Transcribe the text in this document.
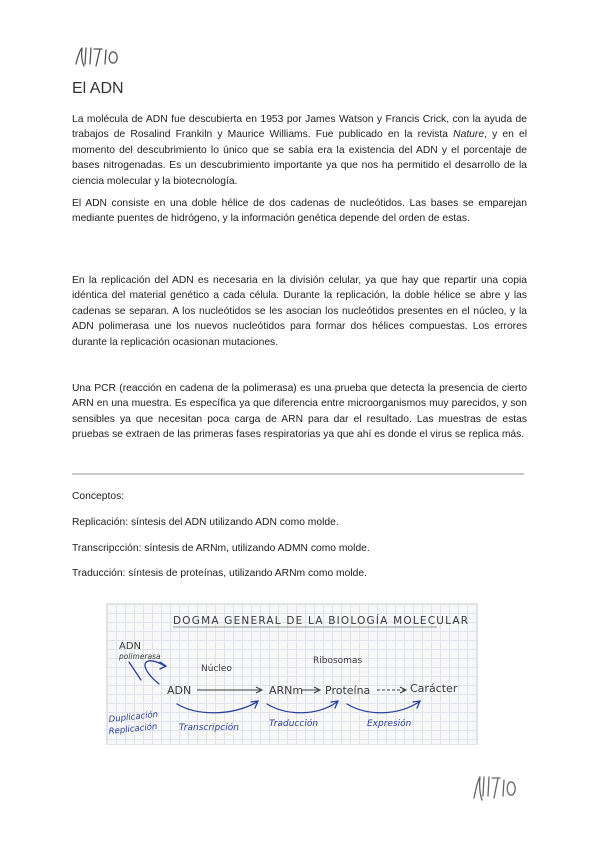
El ADN

La molécula de ADN fue descubierta en 1953 por James Watson y Francis Crick, con la ayuda de trabajos de Rosalind Frankiln y Maurice Williams. Fue publicado en la revista Nature, y en el momento del descubrimiento lo único que se sabía era la existencia del ADN y el porcentaje de bases nitrogenadas. Es un descubrimiento importante ya que nos ha permitido el desarrollo de la ciencia molecular y la biotecnología.

El ADN consiste en una doble hélice de dos cadenas de nucleótidos. Las bases se emparejan mediante puentes de hidrógeno, y la información genética depende del orden de estas.

En la replicación del ADN es necesaria en la división celular, ya que hay que repartir una copia idéntica del material genético a cada célula. Durante la replicación, la doble hélice se abre y las cadenas se separan. A los nucleótidos se les asocian los nucleótidos presentes en el núcleo, y la ADN polimerasa une los nuevos nucleótidos para formar dos hélices compuestas. Los errores durante la replicación ocasionan mutaciones.

Una PCR (reacción en cadena de la polimerasa) es una prueba que detecta la presencia de cierto ARN en una muestra. Es específica ya que diferencia entre microorganismos muy parecidos, y son sensibles ya que necesitan poca carga de ARN para dar el resultado. Las muestras de estas pruebas se extraen de las primeras fases respiratorias ya que ahí es donde el virus se replica más.

Conceptos:

Replicación: síntesis del ADN utilizando ADN como molde.

Transcripcción: síntesis de ARNm, utilizando ADMN como molde.

Traducción: síntesis de proteínas, utilizando ARNm como molde.

DOGMA GENERAL DE LA BIOLOGÍA MOLECULAR
ADN
polimerasa
Núcleo
Ribosomas
ADN	ARNm Proteína	Carácter
Duplicación
Replicación Transcripción	Traducción	Expresión
